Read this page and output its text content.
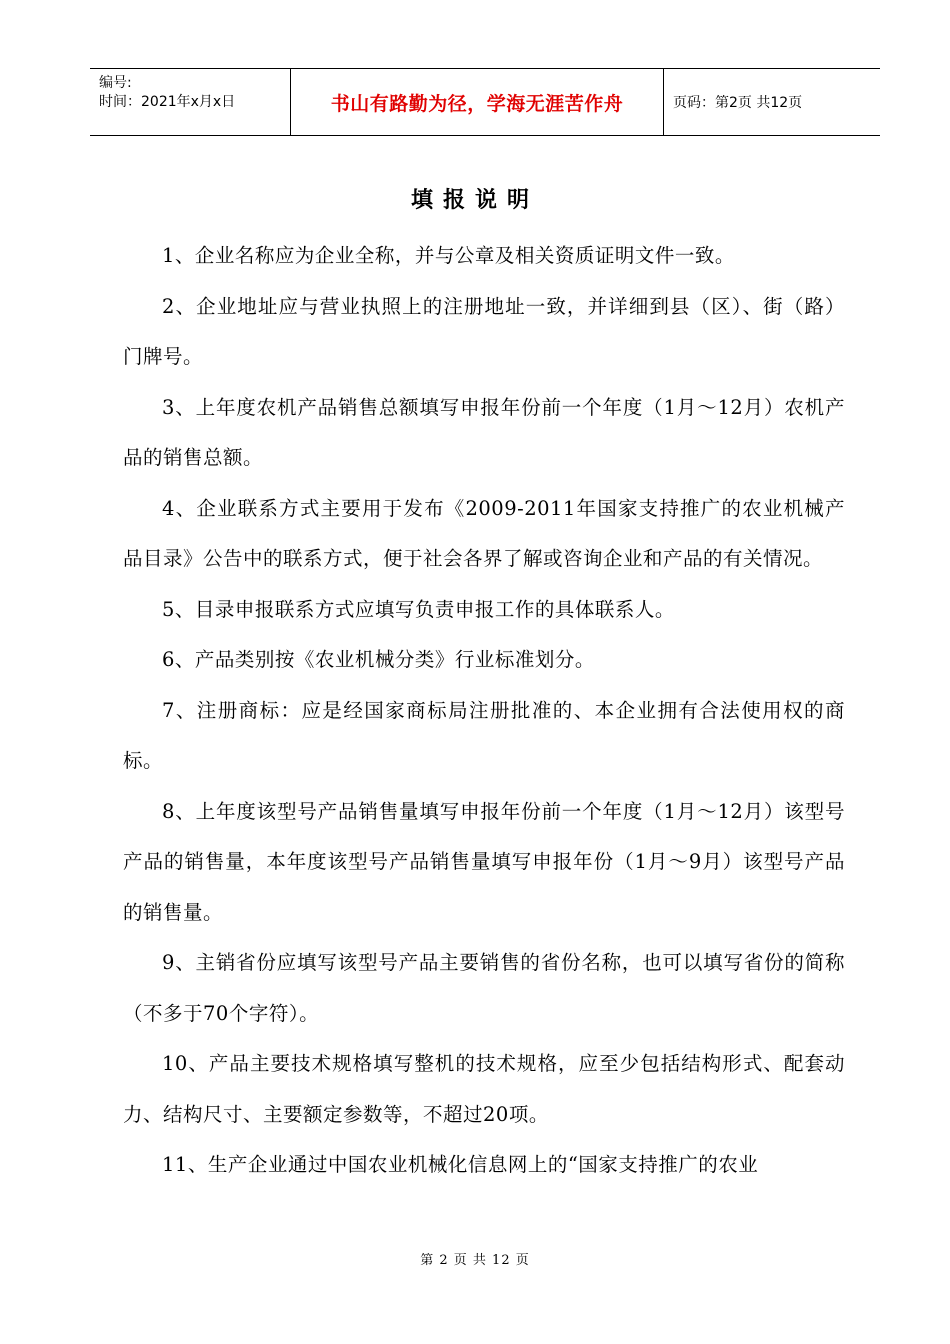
编号:
时间：2021年x月x日	书山有路勤为径，学海无涯苦作舟	页码：第2页 共12页
填报说明

1、企业名称应为企业全称，并与公章及相关资质证明文件一致。

2、企业地址应与营业执照上的注册地址一致，并详细到县（区）、街（路）门牌号。

3、上年度农机产品销售总额填写申报年份前一个年度（1月～12月）农机产品的销售总额。

4、企业联系方式主要用于发布《2009-2011年国家支持推广的农业机械产品目录》公告中的联系方式，便于社会各界了解或咨询企业和产品的有关情况。

5、目录申报联系方式应填写负责申报工作的具体联系人。

6、产品类别按《农业机械分类》行业标准划分。

7、注册商标：应是经国家商标局注册批准的、本企业拥有合法使用权的商标。

8、上年度该型号产品销售量填写申报年份前一个年度（1月～12月）该型号产品的销售量，本年度该型号产品销售量填写申报年份（1月～9月）该型号产品的销售量。

9、主销省份应填写该型号产品主要销售的省份名称，也可以填写省份的简称（不多于70个字符）。

10、产品主要技术规格填写整机的技术规格，应至少包括结构形式、配套动力、结构尺寸、主要额定参数等，不超过20项。

11、生产企业通过中国农业机械化信息网上的“国家支持推广的农业

第 2 页 共 12 页
